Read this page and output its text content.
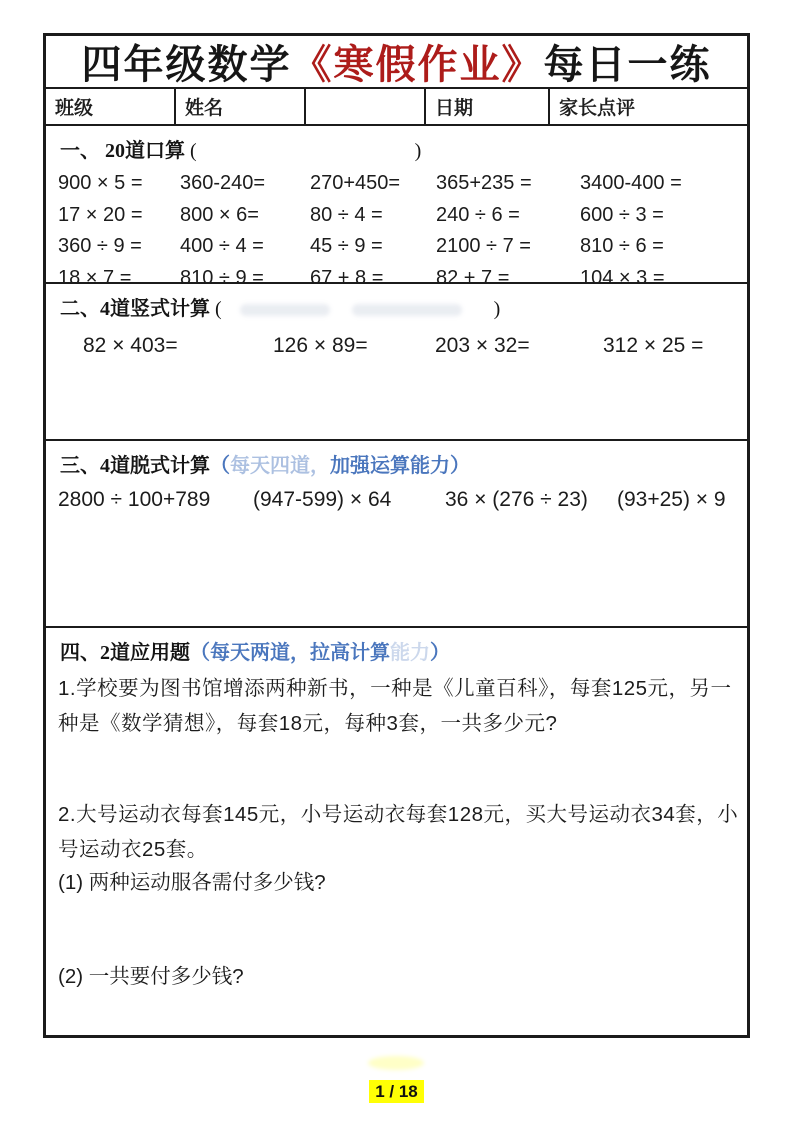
四年级数学 《寒假作业》 每日一练
班级	姓名	日期	家长点评
一、 20道口算 (	)
900 × 5 =	360-240=	270+450=	365+235 =	3400-400 =
17 × 20 =	800 × 6=	80 ÷ 4 =	240 ÷ 6 =	600 ÷ 3 =
360 ÷ 9 =	400 ÷ 4 =	45 ÷ 9 =	2100 ÷ 7 =	810 ÷ 6 =
18 × 7 =	810 ÷ 9 =	67 + 8 =	82 + 7 =	104 × 3 =
二、4道竖式计算 (	)
82 × 403=	126 × 89=	203 × 32=	312 × 25 =
三、4道脱式计算（每天四道，加强运算能力）
2800 ÷ 100+789	(947-599) × 64	36 × (276 ÷ 23)	(93+25) × 9
四、2道应用题（每天两道，拉高计算能力）
1.学校要为图书馆增添两种新书，一种是《儿童百科》，每套125元，另一种是《数学猜想》，每套18元，每种3套，一共多少元?
2.大号运动衣每套145元，小号运动衣每套128元，买大号运动衣34套，小号运动衣25套。
(1) 两种运动服各需付多少钱?
(2) 一共要付多少钱?
1 / 18
